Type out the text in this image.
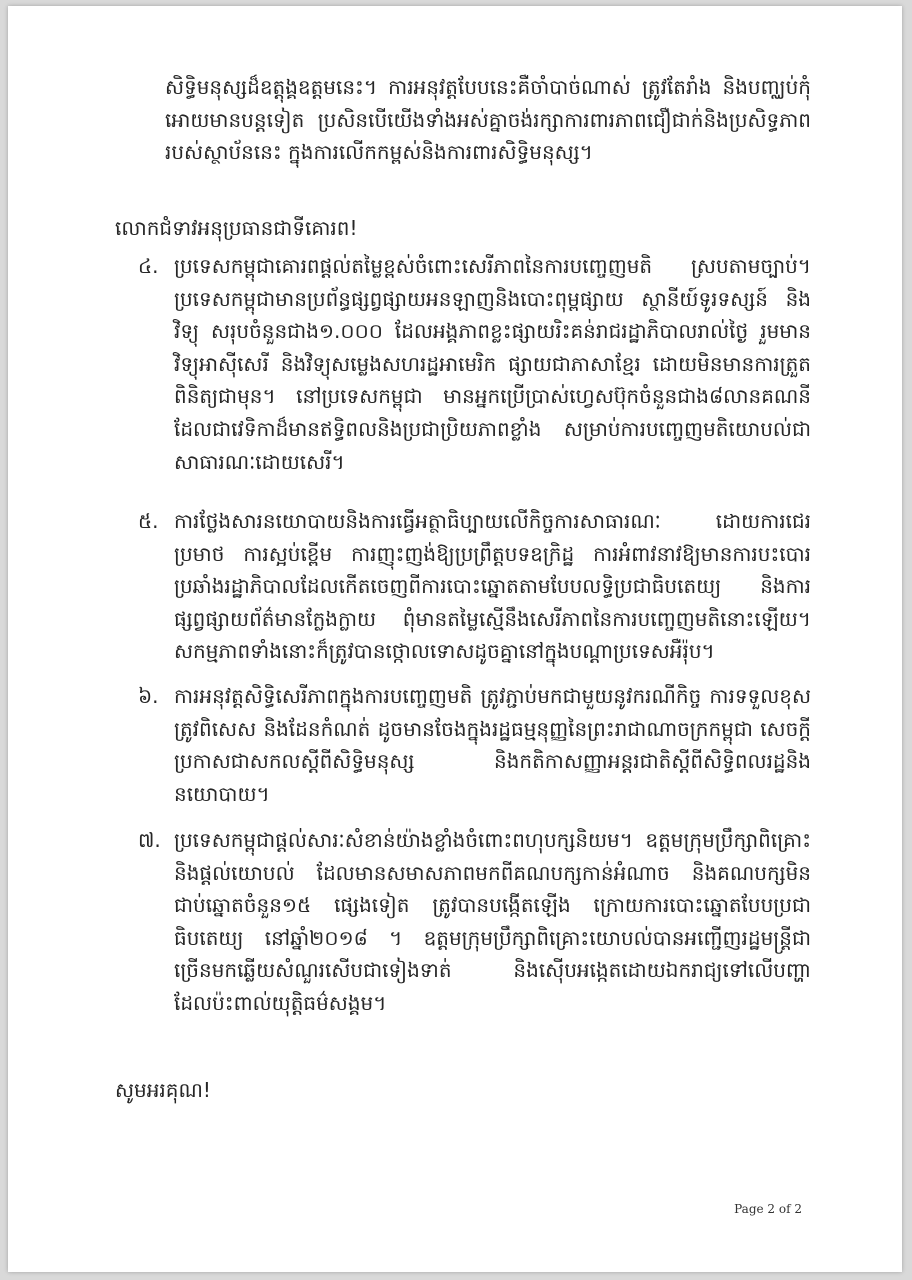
សិទ្ធិមនុស្សដ៏ឧត្តុង្គឧត្តមនេះ។ ការអនុវត្តបែបនេះគឺចាំបាច់ណាស់ ត្រូវតែរាំង និងបញ្ឈប់កុំអោយមានបន្តទៀត ប្រសិនបើយើងទាំងអស់គ្នាចង់រក្សាការពារភាពជឿជាក់និងប្រសិទ្ធភាពរបស់ស្ថាប័ននេះ ក្នុងការលើកកម្ពស់និងការពារសិទ្ធិមនុស្ស។

លោកជំទាវអនុប្រធានជាទីគោរព!

៤. ប្រទេសកម្ពុជាគោរពផ្តល់តម្លៃខ្ពស់ចំពោះសេរីភាពនៃការបញ្ចេញមតិ ស្របតាមច្បាប់។ ប្រទេសកម្ពុជាមានប្រព័ន្ធផ្សព្វផ្សាយអនឡាញនិងបោះពុម្ពផ្សាយ ស្ថានីយ៍ទូរទស្សន៍ និងវិទ្យុ សរុបចំនួនជាង១.០០០ ដែលអង្គភាពខ្លះផ្សាយរិះគន់រាជរដ្ឋាភិបាលរាល់ថ្ងៃ រួមមាន វិទ្យុអាស៊ីសេរី និងវិទ្យុសម្លេងសហរដ្ឋអាមេរិក ផ្សាយជាភាសាខ្មែរ ដោយមិនមានការត្រួតពិនិត្យជាមុន។ នៅប្រទេសកម្ពុជា មានអ្នកប្រើប្រាស់ហ្វេសប៊ុកចំនួនជាង៨លានគណនី ដែលជាវេទិកាដ៏មានឥទ្ធិពលនិងប្រជាប្រិយភាពខ្លាំង សម្រាប់ការបញ្ចេញមតិយោបល់ជាសាធារណៈដោយសេរី។
៥. ការថ្លែងសារនយោបាយនិងការធ្វើអត្ថាធិប្បាយលើកិច្ចការសាធារណៈ ដោយការជេរប្រមាថ ការស្អប់ខ្ពើម ការញុះញង់ឱ្យប្រព្រឹត្តបទឧក្រិដ្ឋ ការអំពាវនាវឱ្យមានការបះបោរប្រឆាំងរដ្ឋាភិបាលដែលកើតចេញពីការបោះឆ្នោតតាមបែបលទ្ធិប្រជាធិបតេយ្យ និងការផ្សព្វផ្សាយព័ត៌មានក្លែងក្លាយ ពុំមានតម្លៃស្មើនឹងសេរីភាពនៃការបញ្ចេញមតិនោះឡើយ។ សកម្មភាពទាំងនោះក៏ត្រូវបានថ្កោលទោសដូចគ្នានៅក្នុងបណ្តាប្រទេសអឺរ៉ុប។
៦. ការអនុវត្តសិទ្ធិសេរីភាពក្នុងការបញ្ចេញមតិ ត្រូវភ្ជាប់មកជាមួយនូវករណីកិច្ច ការទទួលខុសត្រូវពិសេស និងដែនកំណត់ ដូចមានចែងក្នុងរដ្ឋធម្មនុញ្ញនៃព្រះរាជាណាចក្រកម្ពុជា សេចក្តីប្រកាសជាសកលស្តីពីសិទ្ធិមនុស្ស និងកតិកាសញ្ញាអន្តរជាតិស្តីពីសិទ្ធិពលរដ្ឋនិងនយោបាយ។
៧. ប្រទេសកម្ពុជាផ្តល់សារៈសំខាន់យ៉ាងខ្លាំងចំពោះពហុបក្សនិយម។ ឧត្តមក្រុមប្រឹក្សាពិគ្រោះនិងផ្តល់យោបល់ ដែលមានសមាសភាពមកពីគណបក្សកាន់អំណាច និងគណបក្សមិនជាប់ឆ្នោតចំនួន១៥ ផ្សេងទៀត ត្រូវបានបង្កើតឡើង ក្រោយការបោះឆ្នោតបែបប្រជាធិបតេយ្យ នៅឆ្នាំ២០១៨ ។ ឧត្តមក្រុមប្រឹក្សាពិគ្រោះយោបល់បានអញ្ជើញរដ្ឋមន្ត្រីជាច្រើនមកឆ្លើយសំណួរសើបជាទៀងទាត់ និងស៊ើបអង្កេតដោយឯករាជ្យទៅលើបញ្ហាដែលប៉ះពាល់យុត្តិធម៌សង្គម។

សូមអរគុណ!

Page 2 of 2
